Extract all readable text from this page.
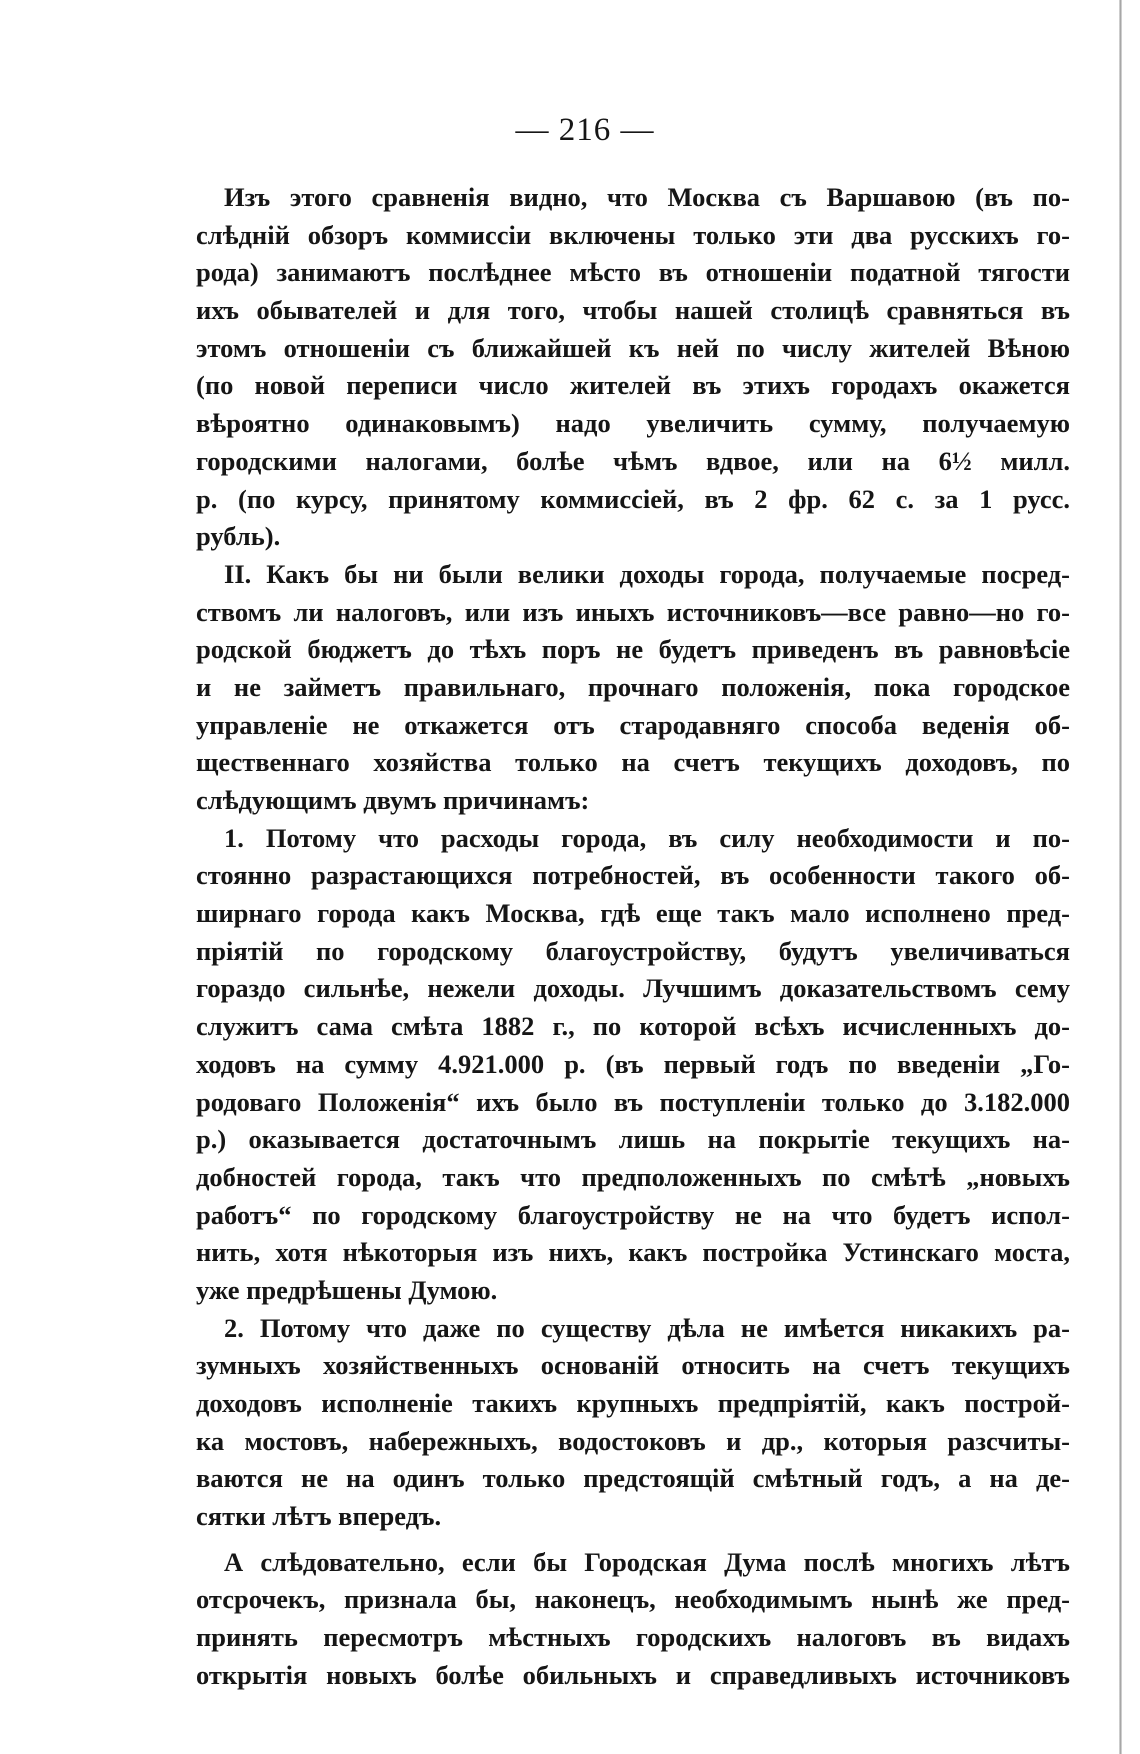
— 216 —
Изъ этого сравненія видно, что Москва съ Варшавою (въ по-
слѣдній обзоръ коммиссіи включены только эти два русскихъ го-
рода) занимаютъ послѣднее мѣсто въ отношеніи податной тягости
ихъ обывателей и для того, чтобы нашей столицѣ сравняться въ
этомъ отношеніи съ ближайшей къ ней по числу жителей Вѣною
(по новой переписи число жителей въ этихъ городахъ окажется
вѣроятно одинаковымъ) надо увеличить сумму, получаемую
городскими налогами, болѣе чѣмъ вдвое, или на 6½ милл.
р. (по курсу, принятому коммиссіей, въ 2 фр. 62 с. за 1 русс.
рубль).
II. Какъ бы ни были велики доходы города, получаемые посред-
ствомъ ли налоговъ, или изъ иныхъ источниковъ—все равно—но го-
родской бюджетъ до тѣхъ поръ не будетъ приведенъ въ равновѣсіе
и не займетъ правильнаго, прочнаго положенія, пока городское
управленіе не откажется отъ стародавняго способа веденія об-
щественнаго хозяйства только на счетъ текущихъ доходовъ, по
слѣдующимъ двумъ причинамъ:
1. Потому что расходы города, въ силу необходимости и по-
стоянно разрастающихся потребностей, въ особенности такого об-
ширнаго города какъ Москва, гдѣ еще такъ мало исполнено пред-
пріятій по городскому благоустройству, будутъ увеличиваться
гораздо сильнѣе, нежели доходы. Лучшимъ доказательствомъ сему
служитъ сама смѣта 1882 г., по которой всѣхъ исчисленныхъ до-
ходовъ на сумму 4.921.000 р. (въ первый годъ по введеніи „Го-
родоваго Положенія“ ихъ было въ поступленіи только до 3.182.000
р.) оказывается достаточнымъ лишь на покрытіе текущихъ на-
добностей города, такъ что предположенныхъ по смѣтѣ „новыхъ
работъ“ по городскому благоустройству не на что будетъ испол-
нить, хотя нѣкоторыя изъ нихъ, какъ постройка Устинскаго моста,
уже предрѣшены Думою.
2. Потому что даже по существу дѣла не имѣется никакихъ ра-
зумныхъ хозяйственныхъ основаній относить на счетъ текущихъ
доходовъ исполненіе такихъ крупныхъ предпріятій, какъ построй-
ка мостовъ, набережныхъ, водостоковъ и др., которыя разсчиты-
ваются не на одинъ только предстоящій смѣтный годъ, а на де-
сятки лѣтъ впередъ.
А слѣдовательно, если бы Городская Дума послѣ многихъ лѣтъ
отсрочекъ, признала бы, наконецъ, необходимымъ нынѣ же пред-
принять пересмотръ мѣстныхъ городскихъ налоговъ въ видахъ
открытія новыхъ болѣе обильныхъ и справедливыхъ источниковъ
